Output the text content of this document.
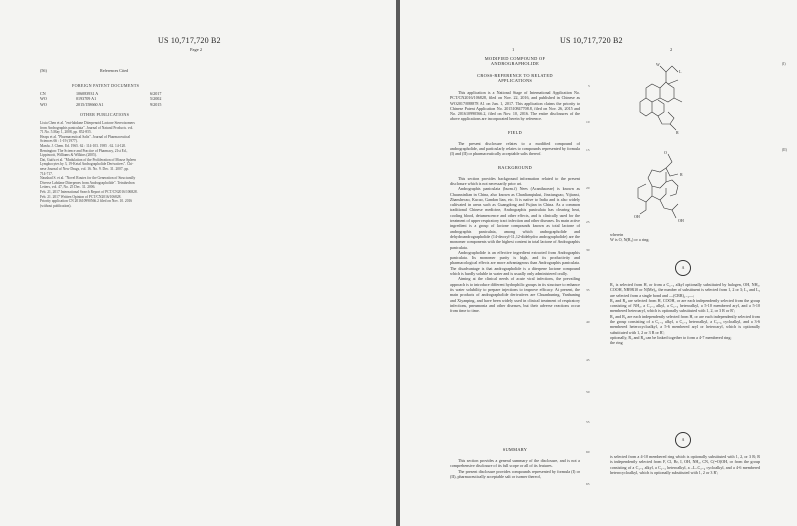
US 10,717,720 B2
Page 2
(56)	References Cited
FOREIGN PATENT DOCUMENTS
CN	106083931 A	6/2017
WO	0193709 A1	5/2002
WO	2015/158660 A1	9/2015
OTHER PUBLICATIONS
Lixia Chen et al. "ent-labdane Diterpenoid Lactone Stereoisomers
from Andrographis paniculata". Journal of Natural Products. vol.
71.No. 5.May 1, 2008, pp. 852-855.
Heaps et al. "Pharmaceutical Salts". Journal of Pharmaceutical
Sciences 66 : 1-19 (1977).
Manfu. J. Chem. Ed. 1965. 62 : 114-103. 1985 . 62. 14-120.
Remington: The Science and Practice of Pharmacy, 21st Ed.,
Lippincott, Williams & Wilkins (2005).
Dai, Guifu et al. "Modulation of the Proliferation of Mouse Spleen
Lymphocytes by 3, 19-Ketal Andrographolide Derivatives". Chi-
nese Journal of New Drugs, vol. 16. No. 9. Dec. 31. 2007. pp.
714-717.
Naushad S. et al. "Novel Routes for the Generation of Structurally
Diverse Labdane Diterpenes from Andrographolide". Tetrahedron
Letters, vol. 47, No. 25 Dec. 31. 2006.
Feb. 21, 2017 International Search Report of PCT/CN2016/106828.
Feb. 21. 2017 Written Opinion of PCT/CN2016/106828.
Priority application CN 201610990566.2 filed on Nov. 10. 2016
(without publication).
US 10,717,720 B2
1	2
MODIFIED COMPOUND OF
ANDROGRAPHOLIDE
CROSS-REFERENCE TO RELATED
APPLICATIONS
This application is a National Stage of International Application No. PCT/CN2016/106828, filed on Nov. 22, 2016, and published in Chinese as WO2017/088878 A1 on Jun. 1, 2017. This application claims the priority to Chinese Patent Application No. 201510847708.8, filed on Nov. 26, 2015 and No. 201610990566.2, filed on Nov. 10, 2016. The entire disclosures of the above applications are incorporated herein by reference.
FIELD
The present disclosure relates to a modified compound of andrographolide, and particularly relates to compounds represented by formula (I) and (II) or pharmaceutically acceptable salts thereof.
BACKGROUND
This section provides background information related to the present disclosure which is not necessarily prior art.
Andrographis paniculata (burm.f) Nees (Acanthaceae) is known as Chuanxinlian in China, also known as Chanlianqiukui, Jinxiangcao, Yijianxi, Zhanshecao, Kucao, Gandan lian, etc. It is native to India and is also widely cultivated in areas such as Guangdong and Fujian in China. As a common traditional Chinese medicine, Andrographis paniculata has clearing heat, cooling blood, detumescence and other effects, and is clinically used for the treatment of upper respiratory tract infection and other diseases. Its main active ingredient is a group of lactone compounds known as total lactone of andrographis paniculata, among which andrographolide and dehydroandrographolide (14-deoxyl-11,12-didehydro andrographolide) are the monomer components with the highest content in total lactone of Andrographis paniculata.
Andrographolide is an effective ingredient extracted from Andrographis paniculata. Its monomer purity is high, and its productivity and pharmacological effects are more advantageous than Andrographis paniculata. The disadvantage is that andrographolide is a diterpene lactone compound which is hardly soluble in water and is usually only administered orally.
Aiming at the clinical needs of acute viral infections, the prevailing approach is to introduce different hydrophilic groups in its structure to enhance its water solubility to prepare injections to improve efficacy. At present, the main products of andrographolide derivatives are Chuanhuning, Yanhuning and Xiyanping, and have been widely used in clinical treatment of respiratory infections, pneumonia and other diseases, but their adverse reactions occur from time to time.
SUMMARY
This section provides a general summary of the disclosure, and is not a comprehensive disclosure of its full scope or all of its features.
The present disclosure provides compounds represented by formula (I) or (II), pharmaceutically acceptable salt or isomer thereof,
5
10
15
20
25
30
35
40
45
50
55
60
65
W
L
R
(I)
O
R
OH
OH
(II)
wherein
W is O, N(R₂) or a ring;
A
R₁ is selected from H, or from a C₁₋₃ alkyl optionally substituted by halogen, OH, NH₂, COOH, NR9R10 or N(Me)₂, the number of substituent is selected from 1, 2 or 3; L₁ and L₂ are selected from a single bond and —(CRR)₁₋₃—;
R₃ and R₄ are selected from H, COOH, or are each independently selected from the group consisting of NH₂, a C₁₋₃ alkyl, a C₁₋₃ heteroalkyl, a 5-10 membered aryl, and a 5-10 membered heteroaryl, which is optionally substituted with 1, 2, or 3 R or R';
R₅ and R₆ are each independently selected from H, or are each independently selected from the group consisting of a C₁₋₃ alkyl, a C₁₋₃ heteroalkyl, a C₃₋₆ cycloalkyl, and a 3-6 membered heterocycloalkyl, a 5-6 membered aryl or heteroaryl, which is optionally substituted with 1, 2 or 3 R or R';
optionally, R₃ and R₄ can be linked together to form a 4-7 membered ring;
the ring
A
is selected from a 4-10 membered ring which is optionally substituted with 1, 2, or 3 R; R is independently selected from F, Cl, Br, I, OH, NH₂, CN, C(=O)OH, or from the group consisting of a C₁₋₃ alkyl, a C₁₋₃ heteroalkyl, a –L–C₃₋₆ cycloalkyl, and a 4-6 membered heterocycloalkyl, which is optionally substituted with 1, 2 or 3 R';
